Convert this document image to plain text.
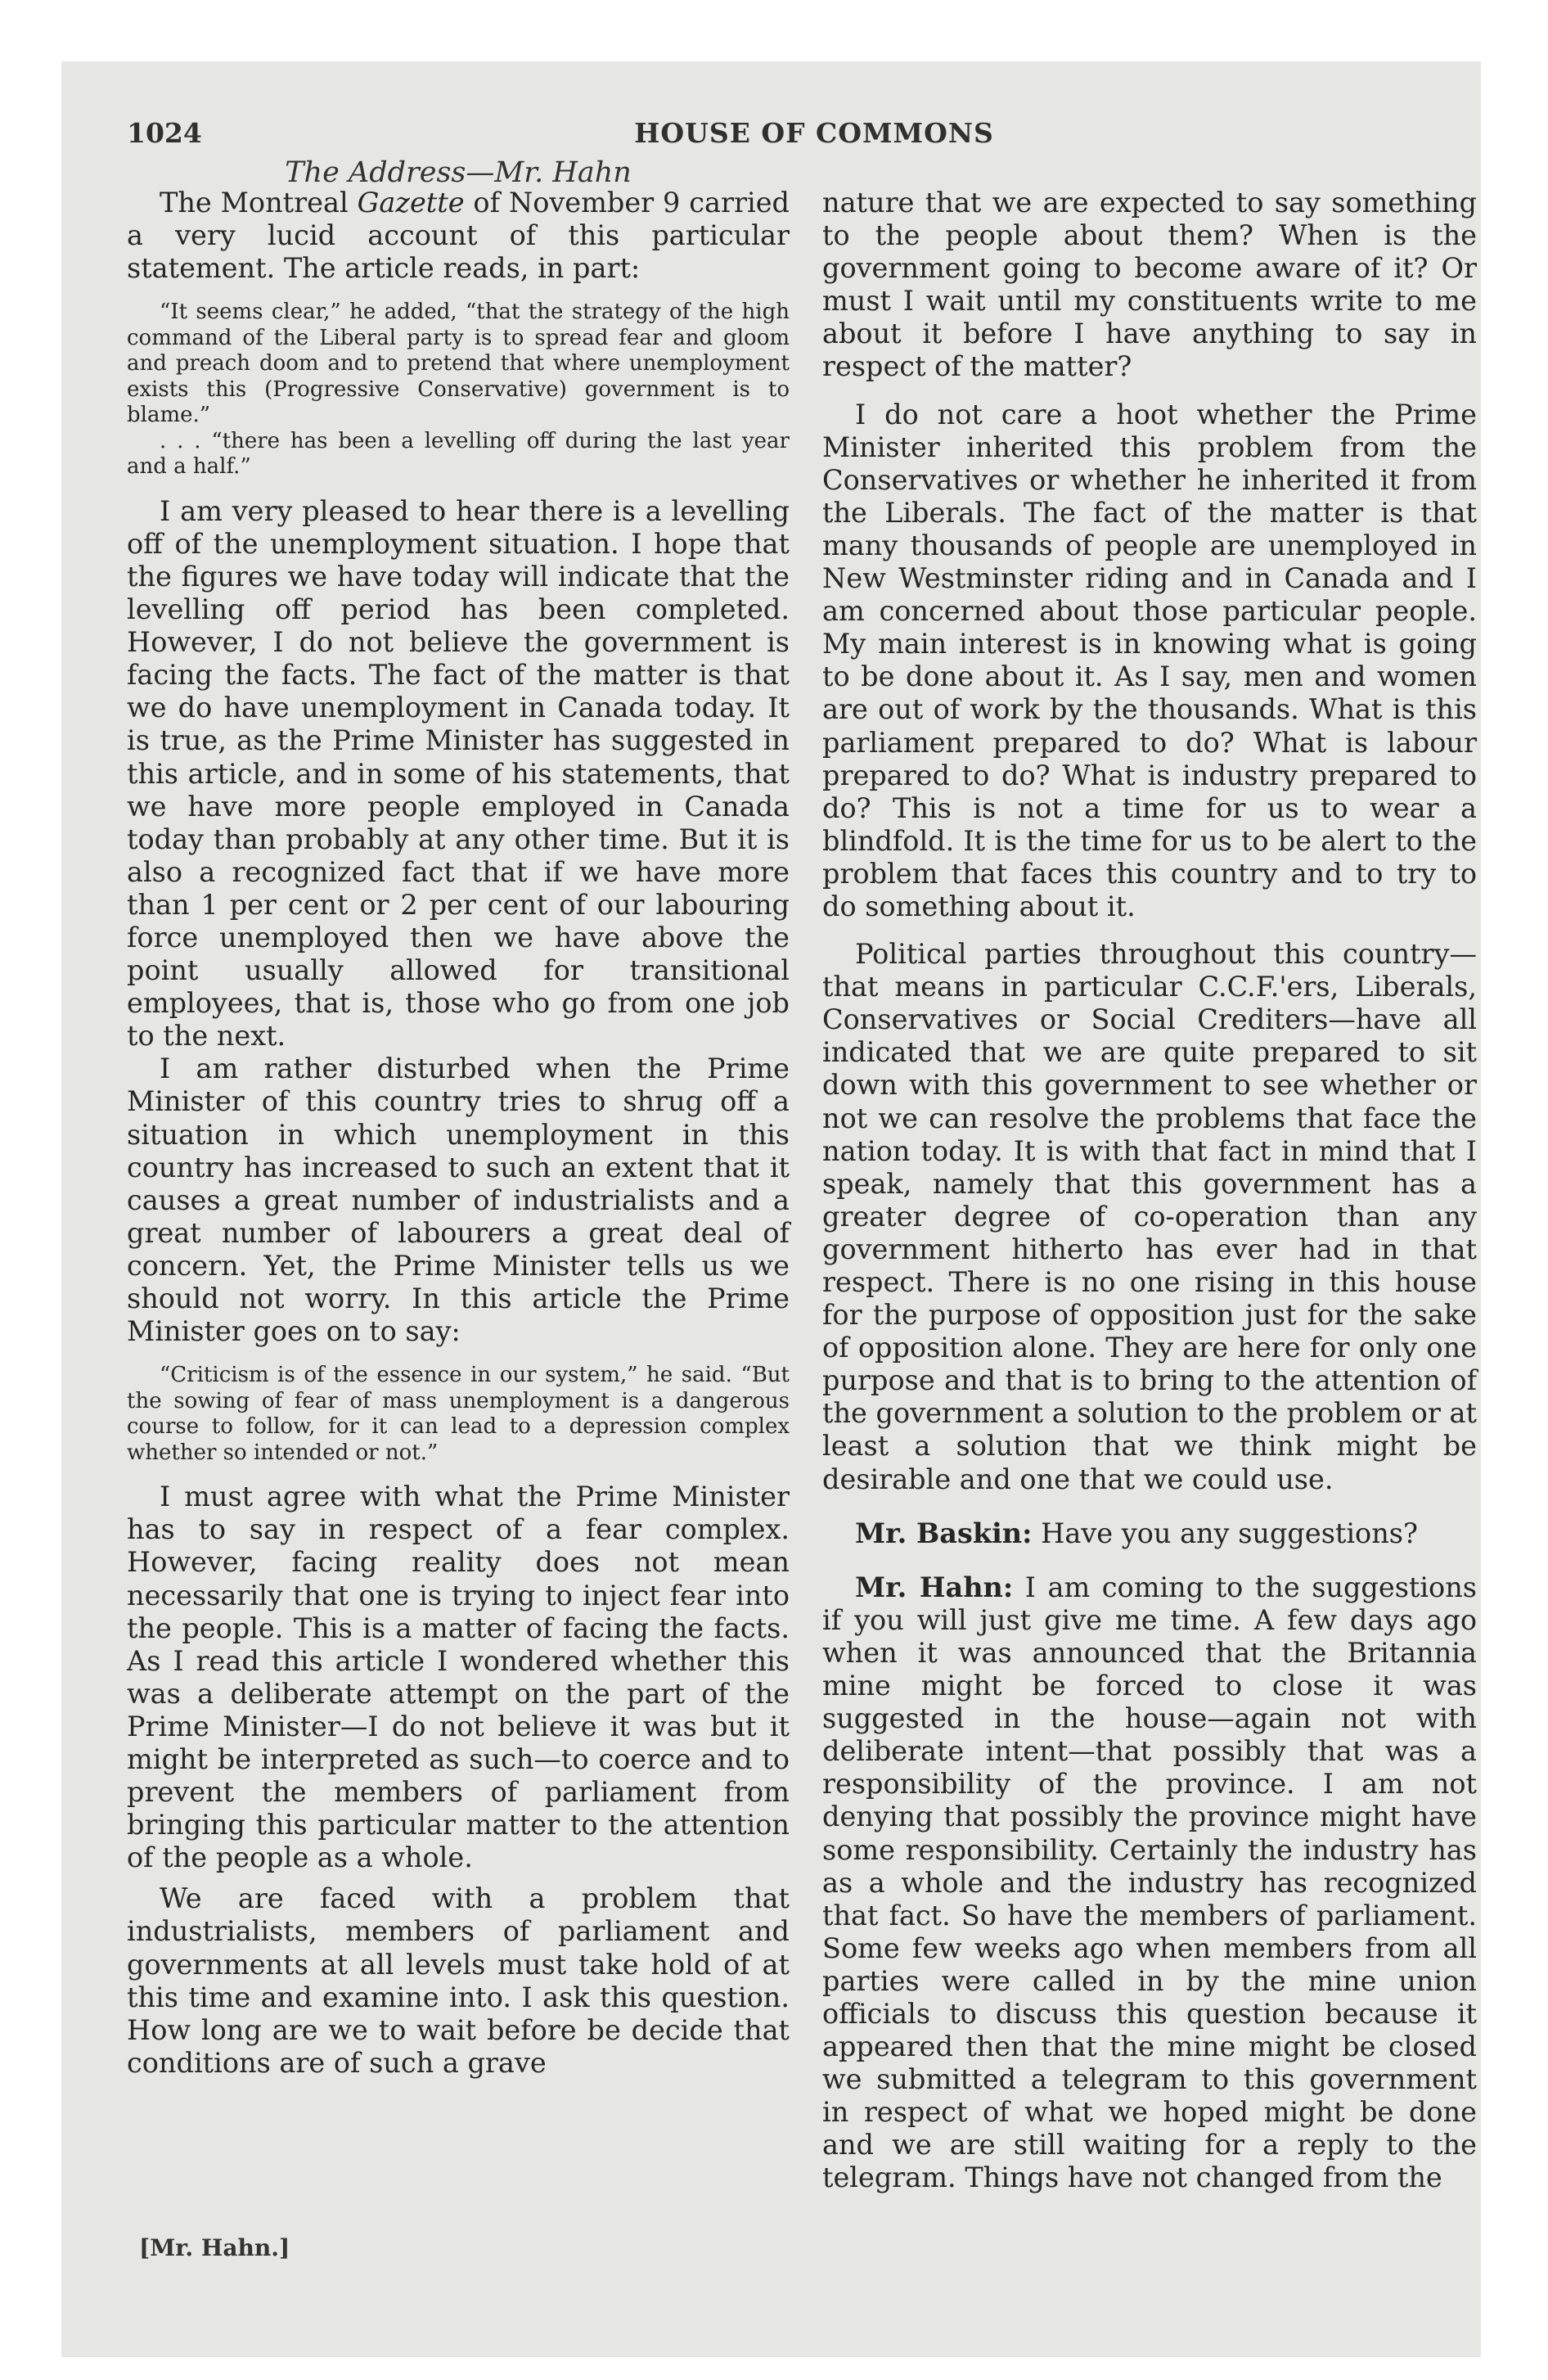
1024	HOUSE OF COMMONS
The Address—Mr. Hahn

The Montreal Gazette of November 9 carried a very lucid account of this particular statement. The article reads, in part:

“It seems clear,” he added, “that the strategy of the high command of the Liberal party is to spread fear and gloom and preach doom and to pretend that where unemployment exists this (Progressive Conservative) government is to blame.”

. . . “there has been a levelling off during the last year and a half.”

I am very pleased to hear there is a levelling off of the unemployment situation. I hope that the figures we have today will indicate that the levelling off period has been completed. However, I do not believe the government is facing the facts. The fact of the matter is that we do have unemployment in Canada today. It is true, as the Prime Minister has suggested in this article, and in some of his statements, that we have more people employed in Canada today than probably at any other time. But it is also a recognized fact that if we have more than 1 per cent or 2 per cent of our labouring force unemployed then we have above the point usually allowed for transitional employees, that is, those who go from one job to the next.

I am rather disturbed when the Prime Minister of this country tries to shrug off a situation in which unemployment in this country has increased to such an extent that it causes a great number of industrialists and a great number of labourers a great deal of concern. Yet, the Prime Minister tells us we should not worry. In this article the Prime Minister goes on to say:

“Criticism is of the essence in our system,” he said. “But the sowing of fear of mass unemployment is a dangerous course to follow, for it can lead to a depression complex whether so intended or not.”

I must agree with what the Prime Minister has to say in respect of a fear complex. However, facing reality does not mean necessarily that one is trying to inject fear into the people. This is a matter of facing the facts. As I read this article I wondered whether this was a deliberate attempt on the part of the Prime Minister—I do not believe it was but it might be interpreted as such—to coerce and to prevent the members of parliament from bringing this particular matter to the attention of the people as a whole.

We are faced with a problem that industrialists, members of parliament and governments at all levels must take hold of at this time and examine into. I ask this question. How long are we to wait before be decide that conditions are of such a grave

nature that we are expected to say something to the people about them? When is the government going to become aware of it? Or must I wait until my constituents write to me about it before I have anything to say in respect of the matter?

I do not care a hoot whether the Prime Minister inherited this problem from the Conservatives or whether he inherited it from the Liberals. The fact of the matter is that many thousands of people are unemployed in New Westminster riding and in Canada and I am concerned about those particular people. My main interest is in knowing what is going to be done about it. As I say, men and women are out of work by the thousands. What is this parliament prepared to do? What is labour prepared to do? What is industry prepared to do? This is not a time for us to wear a blindfold. It is the time for us to be alert to the problem that faces this country and to try to do something about it.

Political parties throughout this country—that means in particular C.C.F.'ers, Liberals, Conservatives or Social Crediters—have all indicated that we are quite prepared to sit down with this government to see whether or not we can resolve the problems that face the nation today. It is with that fact in mind that I speak, namely that this government has a greater degree of co-operation than any government hitherto has ever had in that respect. There is no one rising in this house for the purpose of opposition just for the sake of opposition alone. They are here for only one purpose and that is to bring to the attention of the government a solution to the problem or at least a solution that we think might be desirable and one that we could use.

Mr. Baskin: Have you any suggestions?

Mr. Hahn: I am coming to the suggestions if you will just give me time. A few days ago when it was announced that the Britannia mine might be forced to close it was suggested in the house—again not with deliberate intent—that possibly that was a responsibility of the province. I am not denying that possibly the province might have some responsibility. Certainly the industry has as a whole and the industry has recognized that fact. So have the members of parliament. Some few weeks ago when members from all parties were called in by the mine union officials to discuss this question because it appeared then that the mine might be closed we submitted a telegram to this government in respect of what we hoped might be done and we are still waiting for a reply to the telegram. Things have not changed from the

[Mr. Hahn.]
